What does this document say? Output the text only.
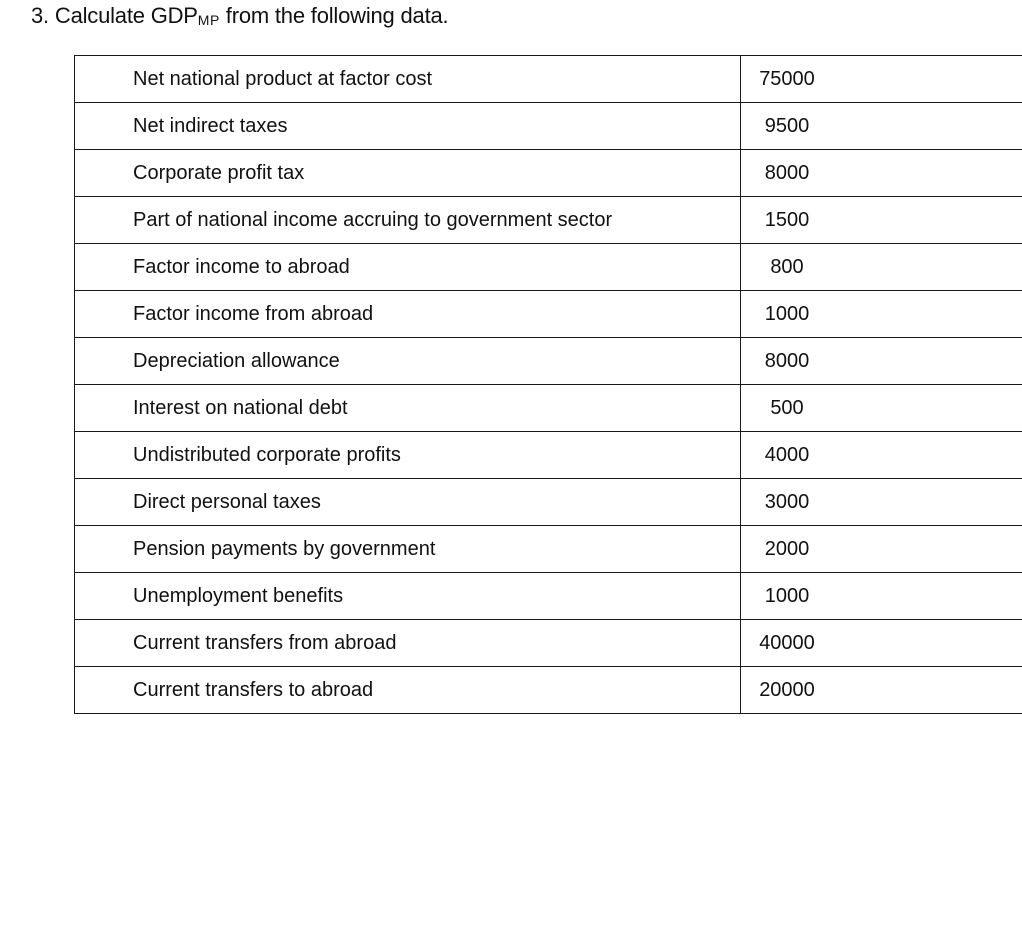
3. Calculate GDPMP from the following data.
Net national product at factor cost	75000
Net indirect taxes	9500
Corporate profit tax	8000
Part of national income accruing to government sector	1500
Factor income to abroad	800
Factor income from abroad	1000
Depreciation allowance	8000
Interest on national debt	500
Undistributed corporate profits	4000
Direct personal taxes	3000
Pension payments by government	2000
Unemployment benefits	1000
Current transfers from abroad	40000
Current transfers to abroad	20000
